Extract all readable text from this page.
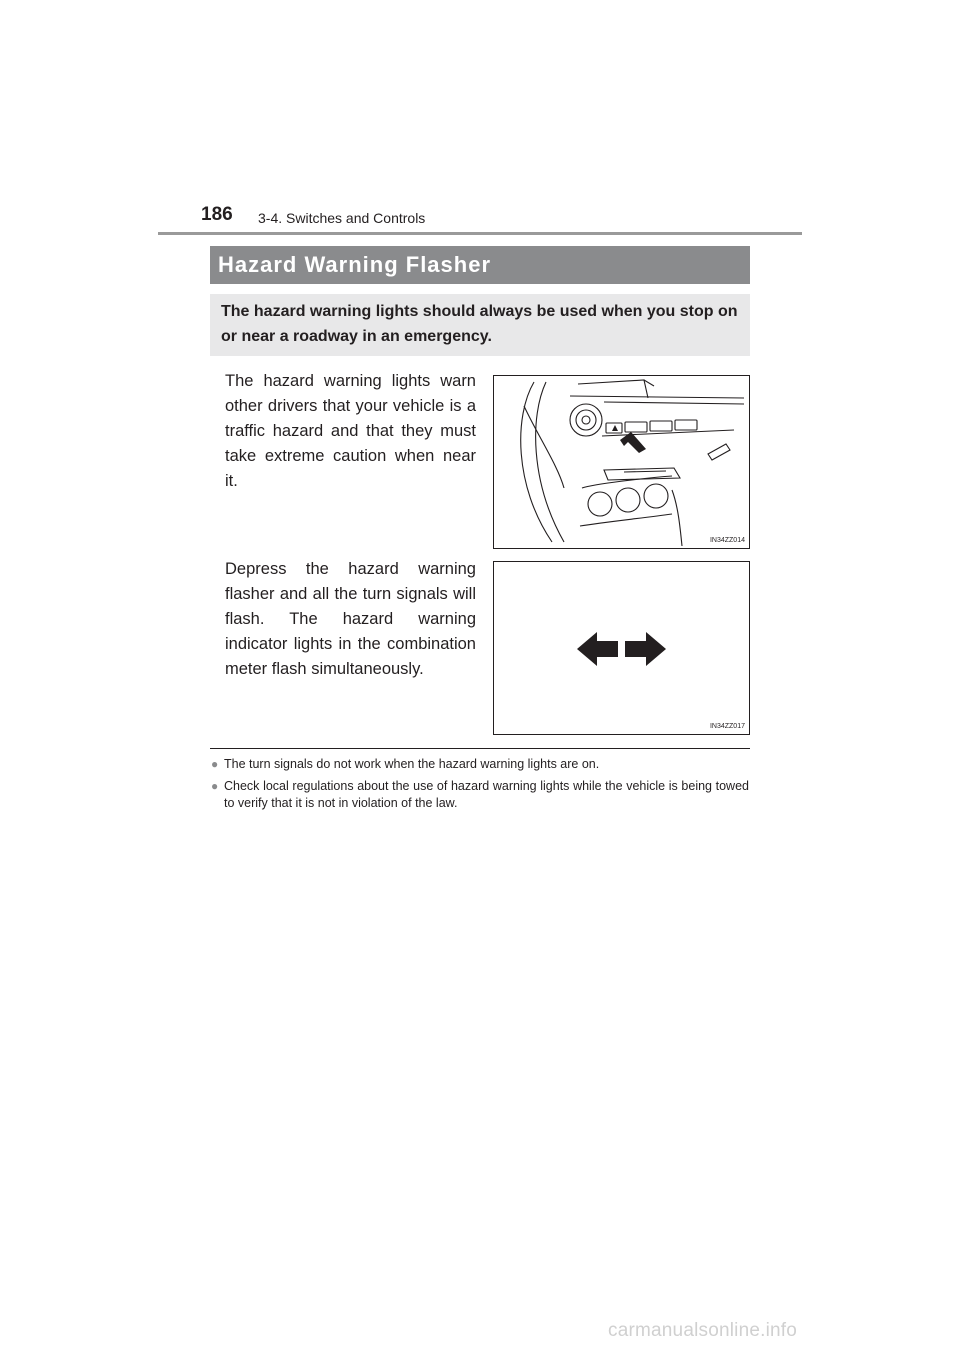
186 3-4. Switches and Controls
Hazard Warning Flasher
The hazard warning lights should always be used when you stop on or near a roadway in an emergency.
The hazard warning lights warn other drivers that your vehicle is a traffic hazard and that they must take extreme caution when near it.
Depress the hazard warning flasher and all the turn signals will flash. The hazard warning indicator lights in the combination meter flash simultaneously.
IN34ZZ014
IN34ZZ017
● The turn signals do not work when the hazard warning lights are on.
● Check local regulations about the use of hazard warning lights while the vehicle is being towed to verify that it is not in violation of the law.
carmanualsonline.info
